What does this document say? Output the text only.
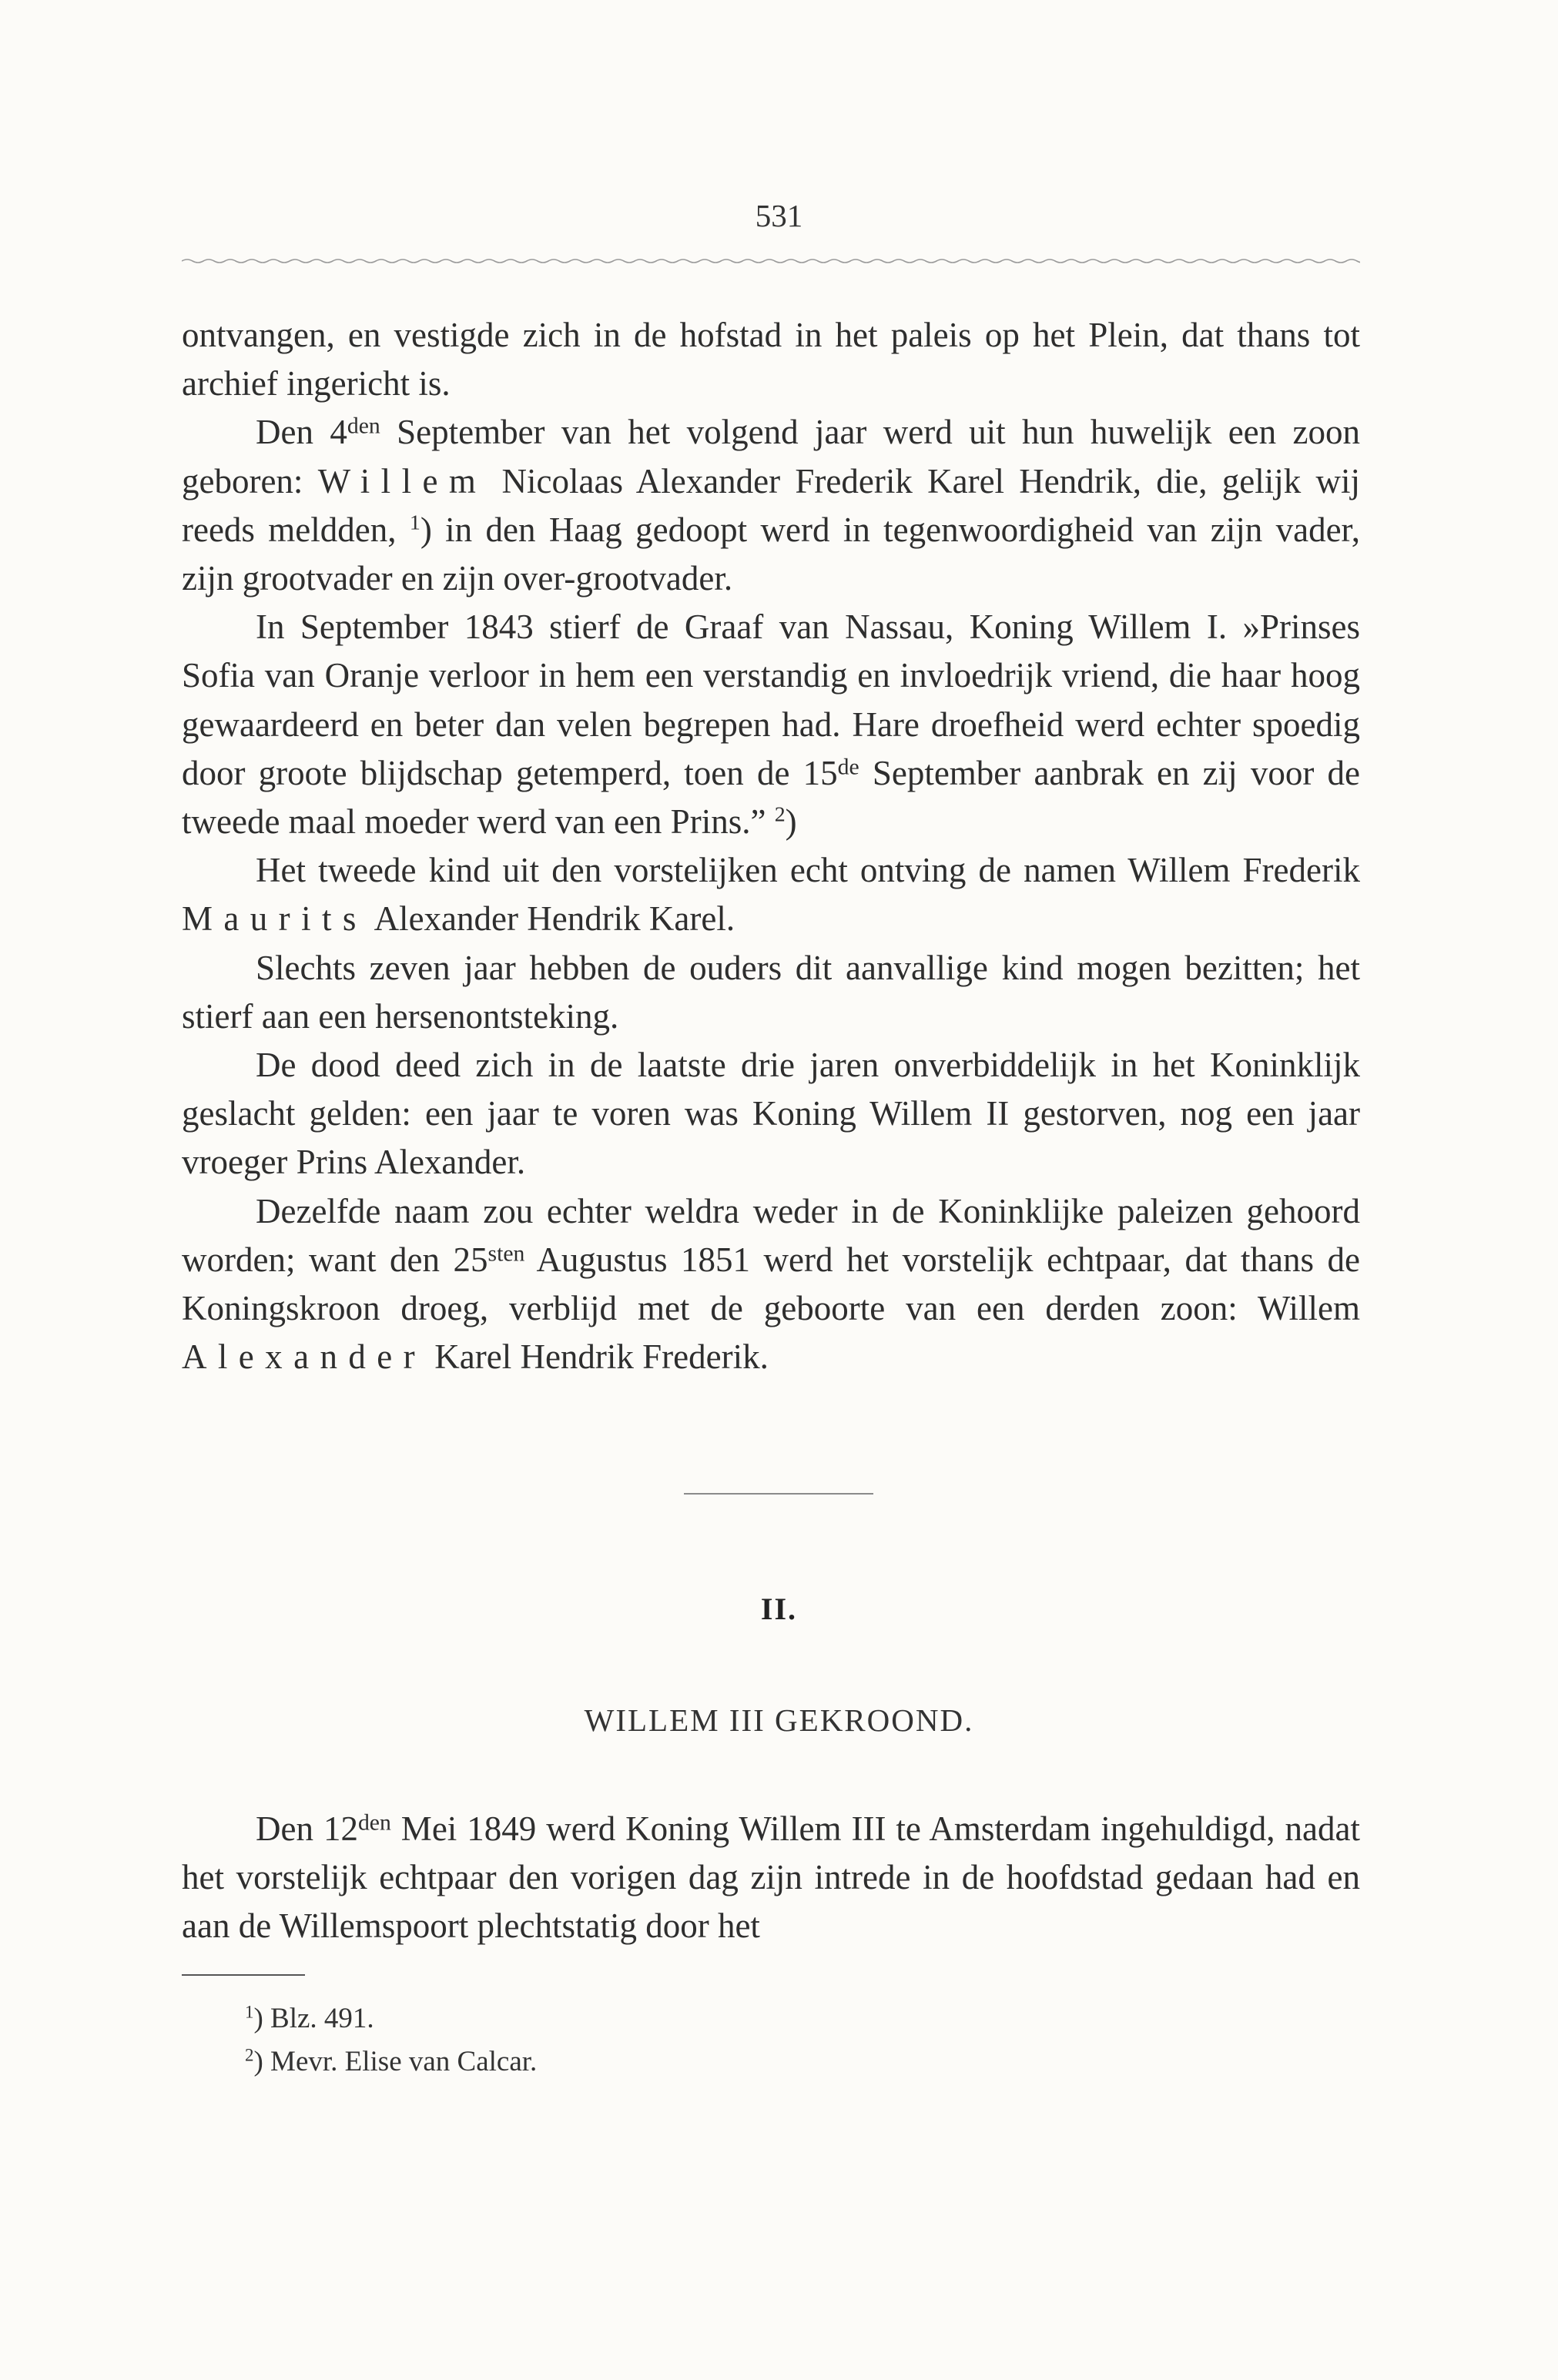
531

ontvangen, en vestigde zich in de hofstad in het paleis op het Plein, dat thans tot archief ingericht is.

Den $4^{den}$ September van het volgend jaar werd uit hun huwelijk een zoon geboren: Willem Nicolaas Alexander Frederik Karel Hendrik, die, gelijk wij reeds meldden, $^1$) in den Haag gedoopt werd in tegenwoordigheid van zijn vader, zijn grootvader en zijn over-grootvader.

In September 1843 stierf de Graaf van Nassau, Koning Willem I. »Prinses Sofia van Oranje verloor in hem een verstandig en invloedrijk vriend, die haar hoog gewaardeerd en beter dan velen begrepen had. Hare droefheid werd echter spoedig door groote blijdschap getemperd, toen de 15de September aanbrak en zij voor de tweede maal moeder werd van een Prins.” $^2$)

Het tweede kind uit den vorstelijken echt ontving de namen Willem Frederik Maurits Alexander Hendrik Karel.

Slechts zeven jaar hebben de ouders dit aanvallige kind mogen bezitten; het stierf aan een hersenontsteking.

De dood deed zich in de laatste drie jaren onverbiddelijk in het Koninklijk geslacht gelden: een jaar te voren was Koning Willem II gestorven, nog een jaar vroeger Prins Alexander.

Dezelfde naam zou echter weldra weder in de Koninklijke paleizen gehoord worden; want den $25^{sten}$ Augustus 1851 werd het vorstelijk echtpaar, dat thans de Koningskroon droeg, verblijd met de geboorte van een derden zoon: Willem Alexander Karel Hendrik Frederik.

II.
WILLEM III GEKROOND.

Den $12^{den}$ Mei 1849 werd Koning Willem III te Amsterdam ingehuldigd, nadat het vorstelijk echtpaar den vorigen dag zijn intrede in de hoofdstad gedaan had en aan de Willemspoort plechtstatig door het

$^1$) Blz. 491.
$^2$) Mevr. Elise van Calcar.
